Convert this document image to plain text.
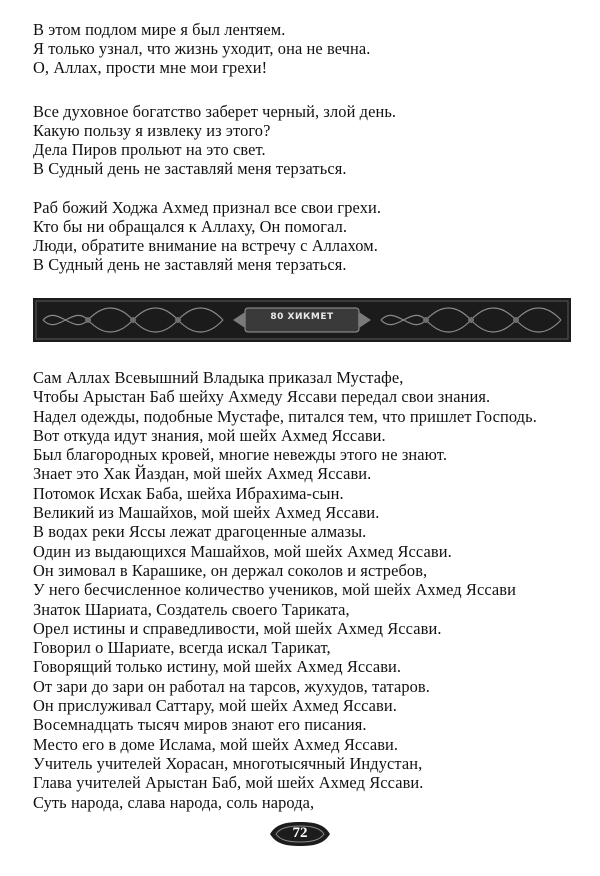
В этом подлом мире я был лентяем.
Я только узнал, что жизнь уходит, она не вечна.
О, Аллах, прости мне мои грехи!
Все духовное богатство заберет черный, злой день.
Какую пользу я извлеку из этого?
Дела Пиров прольют на это свет.
В Судный день не заставляй меня терзаться.
Раб божий Ходжа Ахмед признал все свои грехи.
Кто бы ни обращался к Аллаху, Он помогал.
Люди, обратите внимание на встречу с Аллахом.
В Судный день не заставляй меня терзаться.
80 ХИКМЕТ
Сам Аллах Всевышний Владыка приказал Мустафе,
Чтобы Арыстан Баб шейху Ахмеду Яссави передал свои знания.
Надел одежды, подобные Мустафе, питался тем, что пришлет Господь.
Вот откуда идут знания, мой шейх Ахмед Яссави.
Был благородных кровей, многие невежды этого не знают.
Знает это Хак Йаздан, мой шейх Ахмед Яссави.
Потомок Исхак Баба, шейха Ибрахима-сын.
Великий из Машайхов, мой шейх Ахмед Яссави.
В водах реки Яссы лежат драгоценные алмазы.
Один из выдающихся Машайхов, мой шейх Ахмед Яссави.
Он зимовал в Карашике, он держал соколов и ястребов,
У него бесчисленное количество учеников, мой шейх Ахмед Яссави
Знаток Шариата, Создатель своего Тариката,
Орел истины и справедливости, мой шейх Ахмед Яссави.
Говорил о Шариате, всегда искал Тарикат,
Говорящий только истину, мой шейх Ахмед Яссави.
От зари до зари он работал на тарсов, жухудов, татаров.
Он прислуживал Саттару, мой шейх Ахмед Яссави.
Восемнадцать тысяч миров знают его писания.
Место его в доме Ислама, мой шейх Ахмед Яссави.
Учитель учителей Хорасан, многотысячный Индустан,
Глава учителей Арыстан Баб, мой шейх Ахмед Яссави.
Суть народа, слава народа, соль народа,
72
